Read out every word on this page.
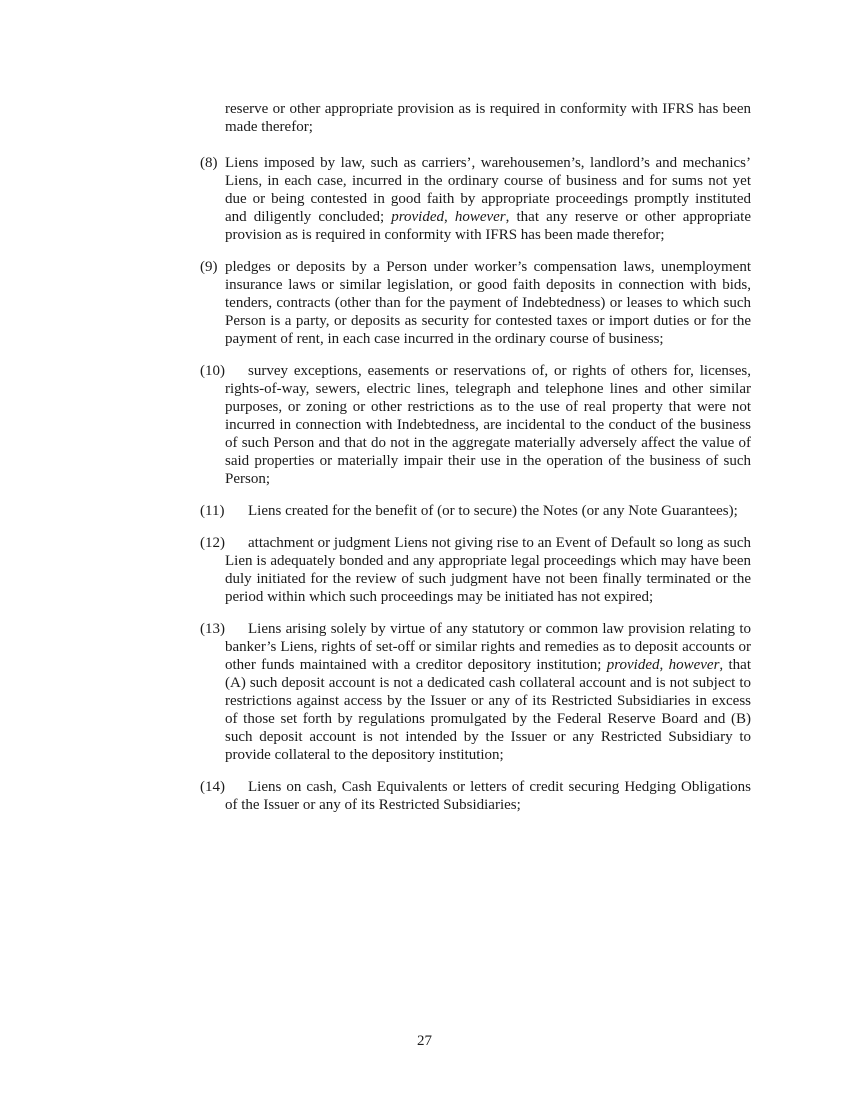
reserve or other appropriate provision as is required in conformity with IFRS has been made therefor;

(8) Liens imposed by law, such as carriers’, warehousemen’s, landlord’s and mechanics’ Liens, in each case, incurred in the ordinary course of business and for sums not yet due or being contested in good faith by appropriate proceedings promptly instituted and diligently concluded; provided, however, that any reserve or other appropriate provision as is required in conformity with IFRS has been made therefor;

(9) pledges or deposits by a Person under worker’s compensation laws, unemployment insurance laws or similar legislation, or good faith deposits in connection with bids, tenders, contracts (other than for the payment of Indebtedness) or leases to which such Person is a party, or deposits as security for contested taxes or import duties or for the payment of rent, in each case incurred in the ordinary course of business;

(10) survey exceptions, easements or reservations of, or rights of others for, licenses, rights-of-way, sewers, electric lines, telegraph and telephone lines and other similar purposes, or zoning or other restrictions as to the use of real property that were not incurred in connection with Indebtedness, are incidental to the conduct of the business of such Person and that do not in the aggregate materially adversely affect the value of said properties or materially impair their use in the operation of the business of such Person;

(11) Liens created for the benefit of (or to secure) the Notes (or any Note Guarantees);

(12) attachment or judgment Liens not giving rise to an Event of Default so long as such Lien is adequately bonded and any appropriate legal proceedings which may have been duly initiated for the review of such judgment have not been finally terminated or the period within which such proceedings may be initiated has not expired;

(13) Liens arising solely by virtue of any statutory or common law provision relating to banker’s Liens, rights of set-off or similar rights and remedies as to deposit accounts or other funds maintained with a creditor depository institution; provided, however, that (A) such deposit account is not a dedicated cash collateral account and is not subject to restrictions against access by the Issuer or any of its Restricted Subsidiaries in excess of those set forth by regulations promulgated by the Federal Reserve Board and (B) such deposit account is not intended by the Issuer or any Restricted Subsidiary to provide collateral to the depository institution;

(14) Liens on cash, Cash Equivalents or letters of credit securing Hedging Obligations of the Issuer or any of its Restricted Subsidiaries;

27
